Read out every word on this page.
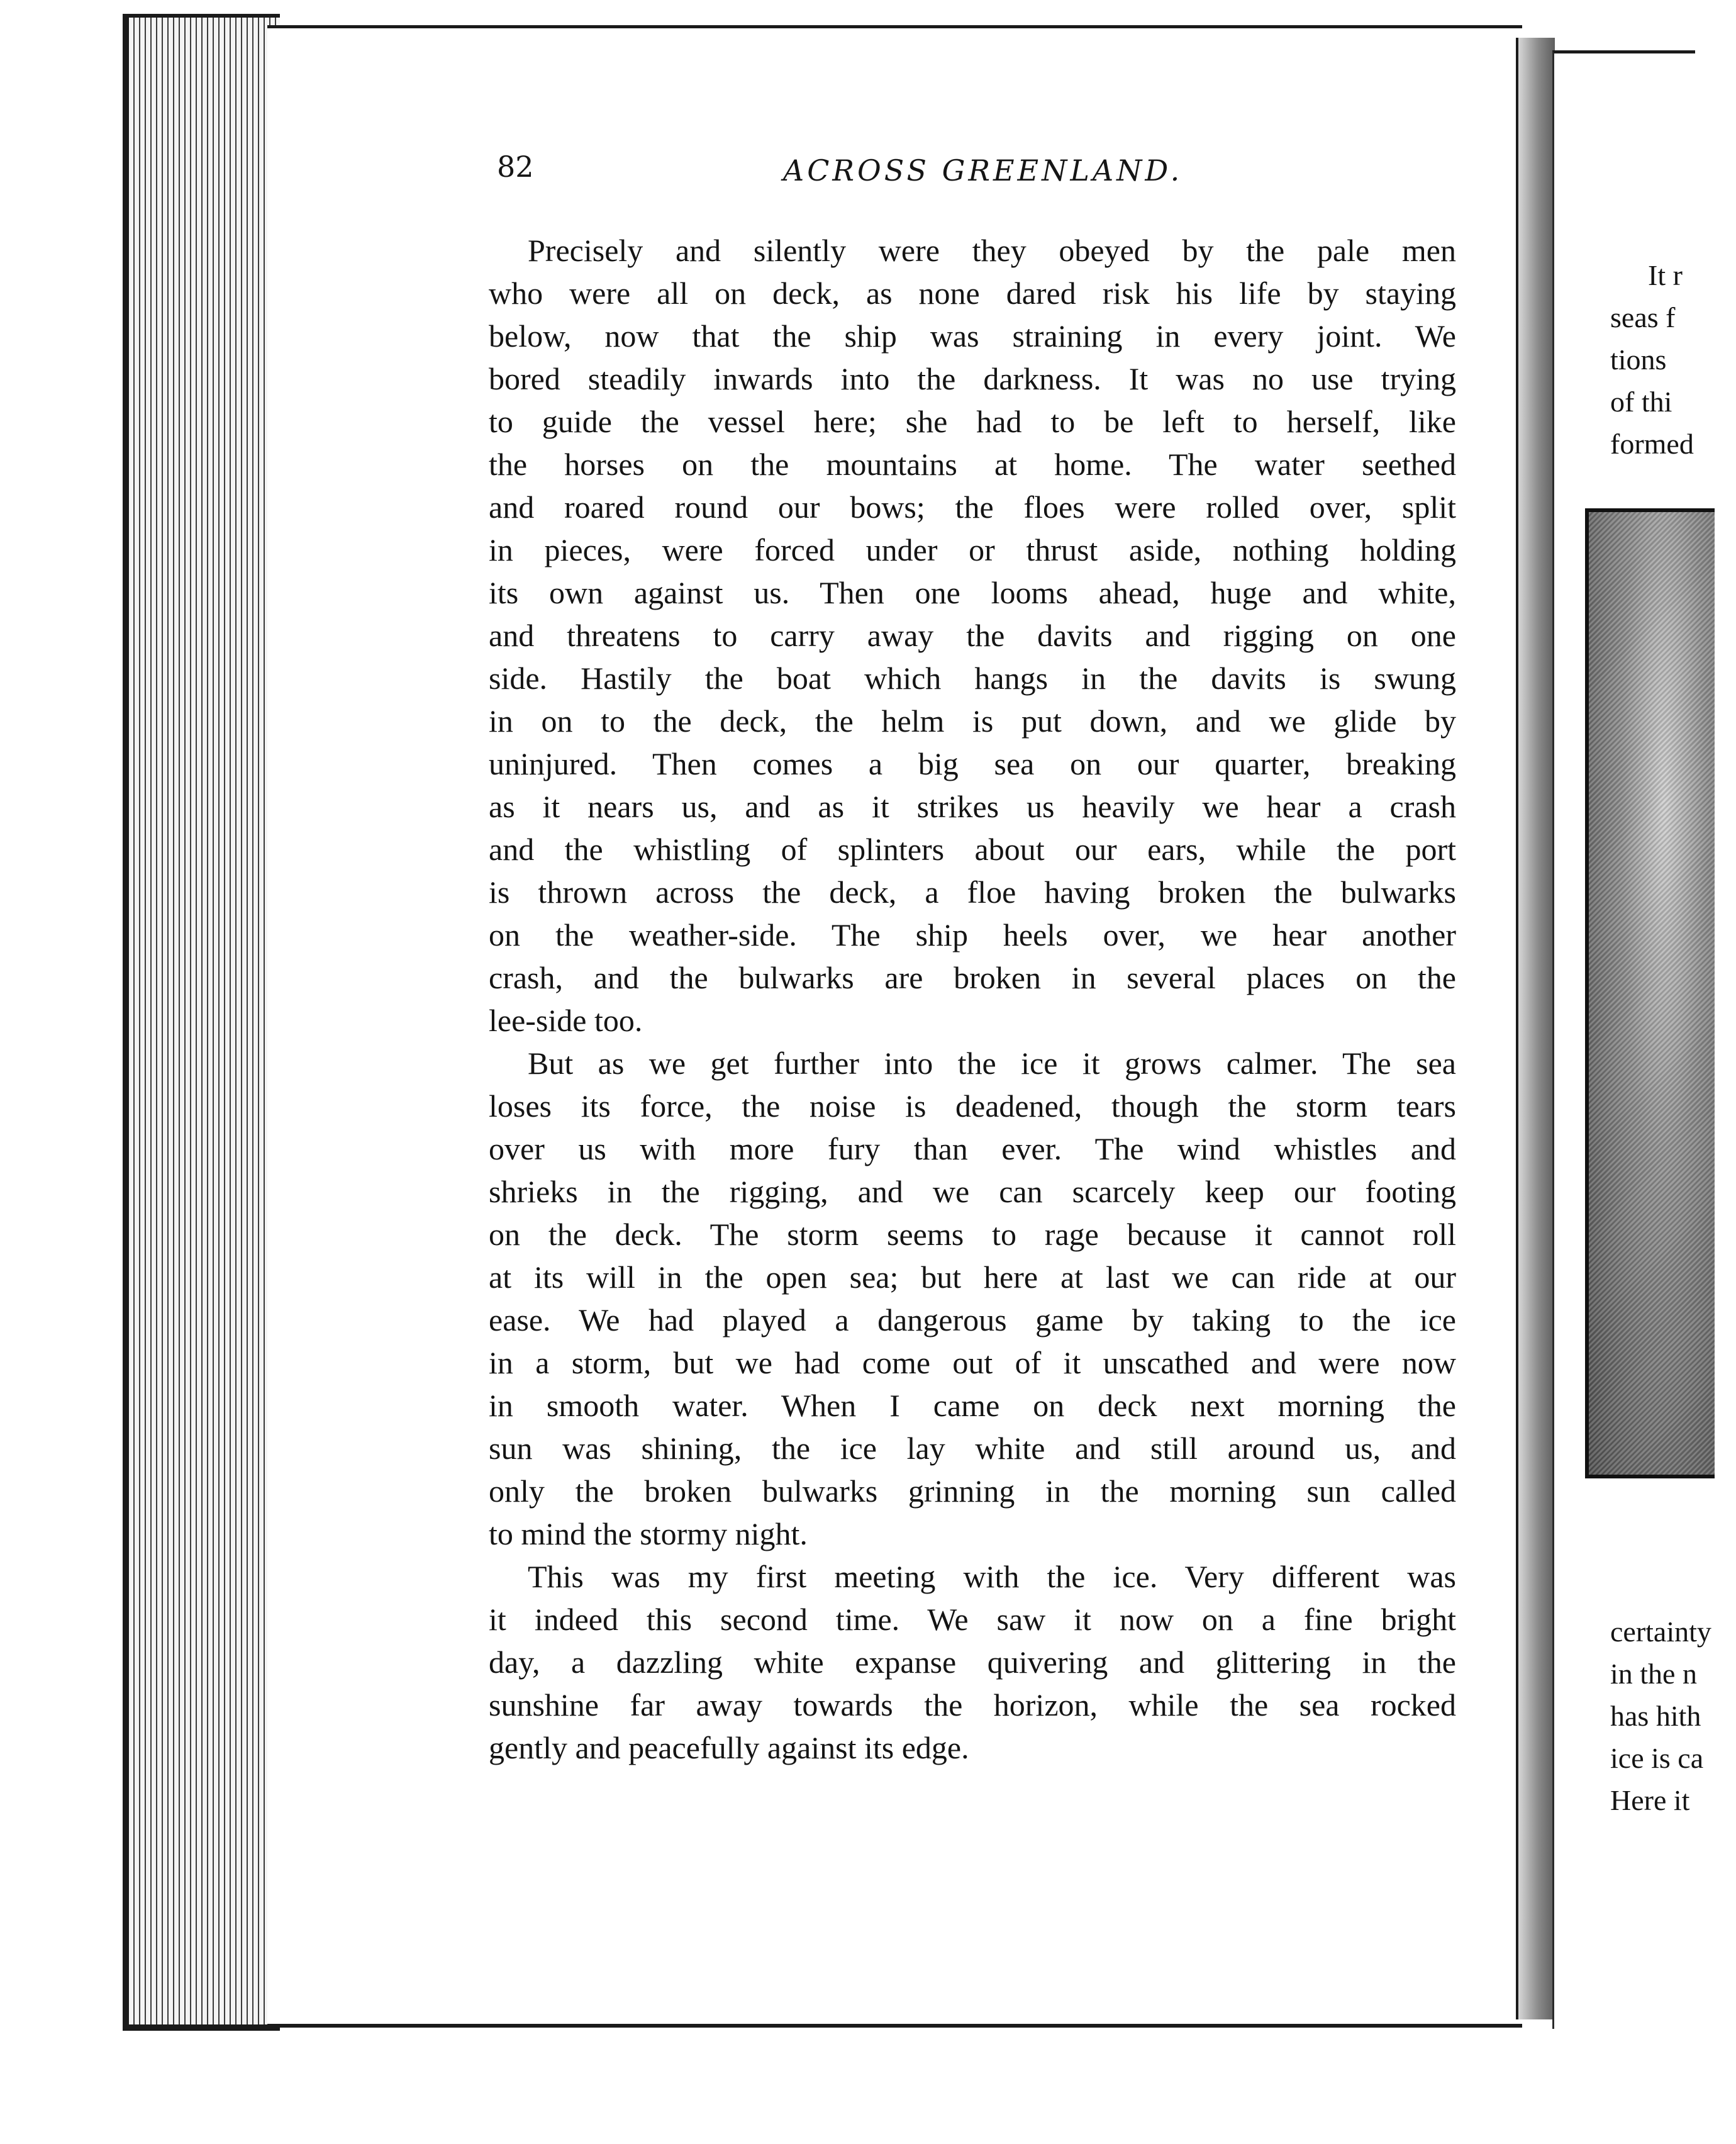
82	ACROSS GREENLAND.
Precisely and silently were they obeyed by the pale men
who were all on deck, as none dared risk his life by staying
below, now that the ship was straining in every joint. We
bored steadily inwards into the darkness. It was no use trying
to guide the vessel here; she had to be left to herself, like
the horses on the mountains at home. The water seethed
and roared round our bows; the floes were rolled over, split
in pieces, were forced under or thrust aside, nothing holding
its own against us. Then one looms ahead, huge and white,
and threatens to carry away the davits and rigging on one
side. Hastily the boat which hangs in the davits is swung
in on to the deck, the helm is put down, and we glide by
uninjured. Then comes a big sea on our quarter, breaking
as it nears us, and as it strikes us heavily we hear a crash
and the whistling of splinters about our ears, while the port
is thrown across the deck, a floe having broken the bulwarks
on the weather-side. The ship heels over, we hear another
crash, and the bulwarks are broken in several places on the
lee-side too.
But as we get further into the ice it grows calmer. The sea
loses its force, the noise is deadened, though the storm tears
over us with more fury than ever. The wind whistles and
shrieks in the rigging, and we can scarcely keep our footing
on the deck. The storm seems to rage because it cannot roll
at its will in the open sea; but here at last we can ride at our
ease. We had played a dangerous game by taking to the ice
in a storm, but we had come out of it unscathed and were now
in smooth water. When I came on deck next morning the
sun was shining, the ice lay white and still around us, and
only the broken bulwarks grinning in the morning sun called
to mind the stormy night.
This was my first meeting with the ice. Very different was
it indeed this second time. We saw it now on a fine bright
day, a dazzling white expanse quivering and glittering in the
sunshine far away towards the horizon, while the sea rocked
gently and peacefully against its edge.
It r
seas f
tions
of thi
formed
certainty
in the n
has hith
ice is ca
Here it
